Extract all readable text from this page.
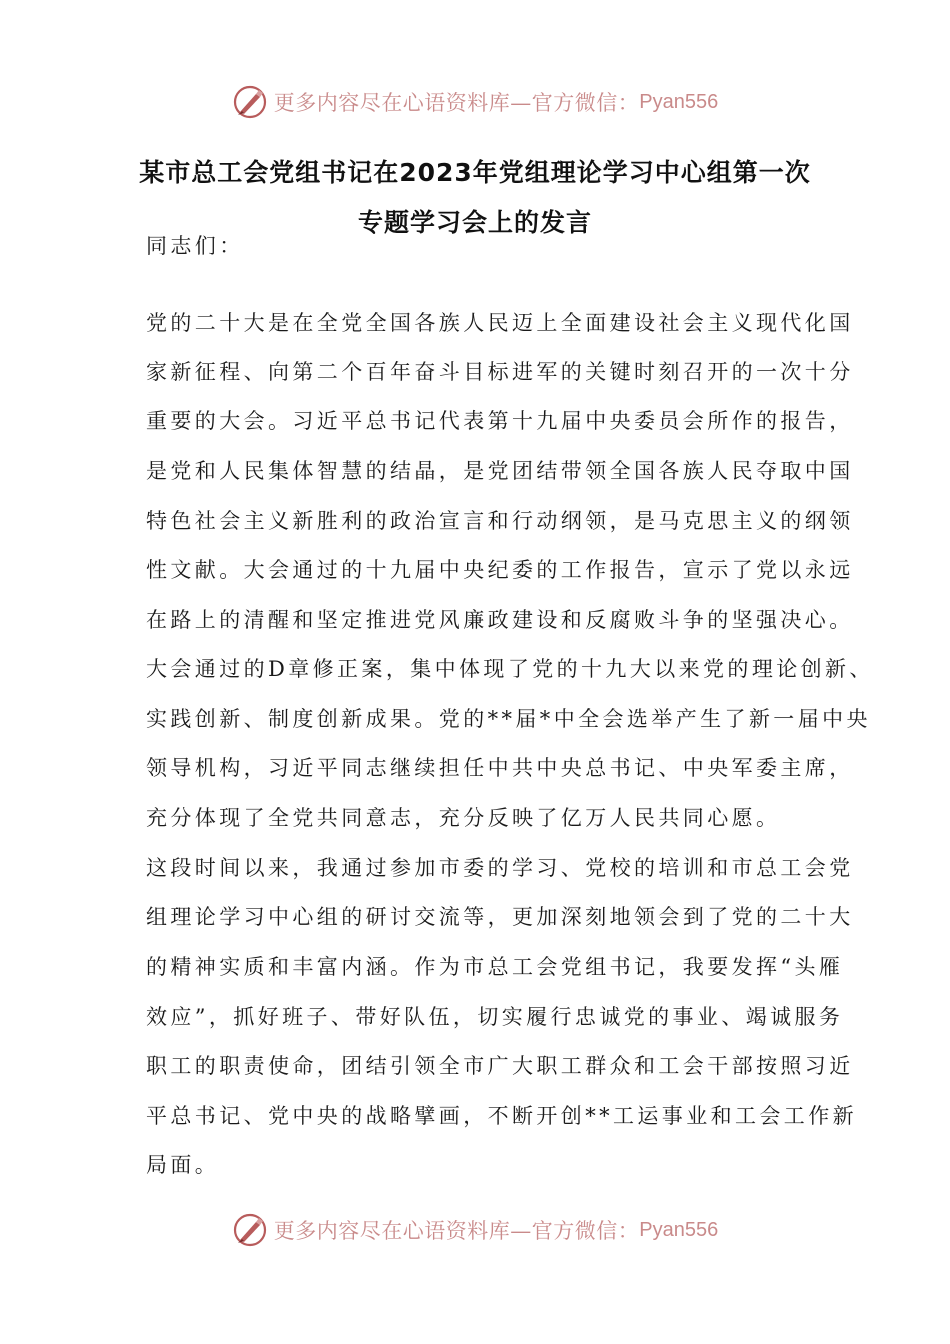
更多内容尽在心语资料库—官方微信： Pyan556
某市总工会党组书记在2023年党组理论学习中心组第一次
专题学习会上的发言
同志们：
党的二十大是在全党全国各族人民迈上全面建设社会主义现代化国
家新征程、向第二个百年奋斗目标进军的关键时刻召开的一次十分
重要的大会。习近平总书记代表第十九届中央委员会所作的报告，
是党和人民集体智慧的结晶，是党团结带领全国各族人民夺取中国
特色社会主义新胜利的政治宣言和行动纲领，是马克思主义的纲领
性文献。大会通过的十九届中央纪委的工作报告，宣示了党以永远
在路上的清醒和坚定推进党风廉政建设和反腐败斗争的坚强决心。
大会通过的D章修正案，集中体现了党的十九大以来党的理论创新、
实践创新、制度创新成果。党的**届*中全会选举产生了新一届中央
领导机构，习近平同志继续担任中共中央总书记、中央军委主席，
充分体现了全党共同意志，充分反映了亿万人民共同心愿。
这段时间以来，我通过参加市委的学习、党校的培训和市总工会党
组理论学习中心组的研讨交流等，更加深刻地领会到了党的二十大
的精神实质和丰富内涵。作为市总工会党组书记，我要发挥“头雁
效应”，抓好班子、带好队伍，切实履行忠诚党的事业、竭诚服务
职工的职责使命，团结引领全市广大职工群众和工会干部按照习近
平总书记、党中央的战略擘画，不断开创**工运事业和工会工作新
局面。
更多内容尽在心语资料库—官方微信： Pyan556
